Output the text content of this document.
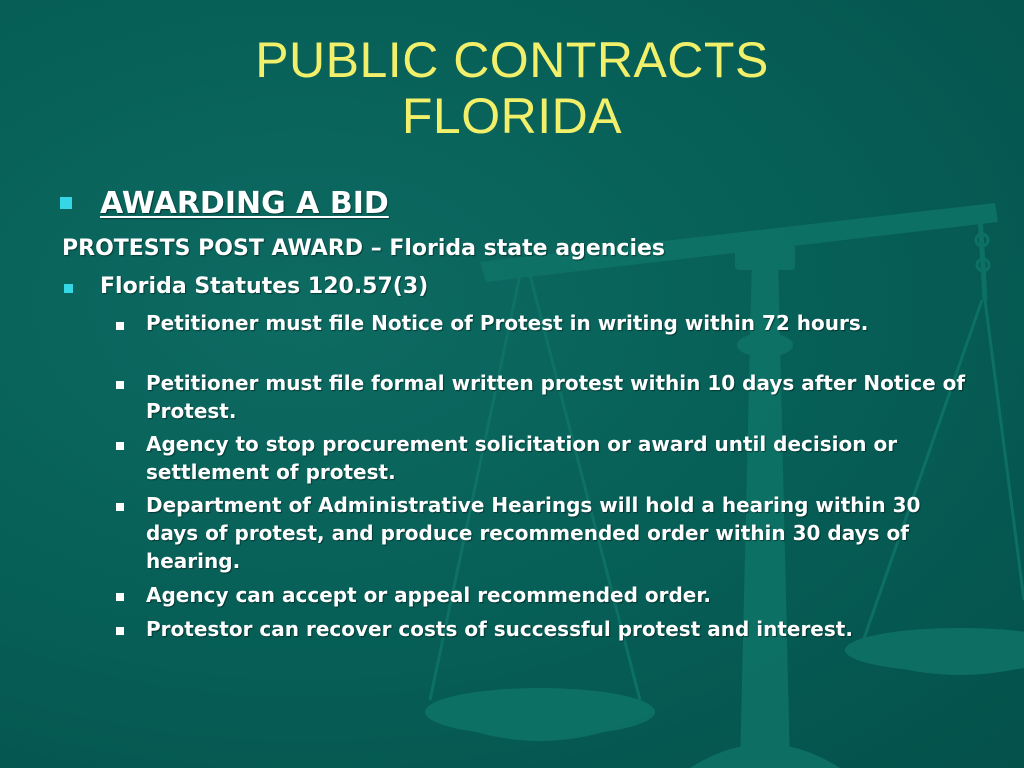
PUBLIC CONTRACTS
FLORIDA
AWARDING A BID
PROTESTS POST AWARD – Florida state agencies
Florida Statutes 120.57(3)
Petitioner must file Notice of Protest in writing within 72 hours.
Petitioner must file formal written protest within 10 days after Notice of Protest.
Agency to stop procurement solicitation or award until decision or settlement of protest.
Department of Administrative Hearings will hold a hearing within 30 days of protest, and produce recommended order within 30 days of hearing.
Agency can accept or appeal recommended order.
Protestor can recover costs of successful protest and interest.
